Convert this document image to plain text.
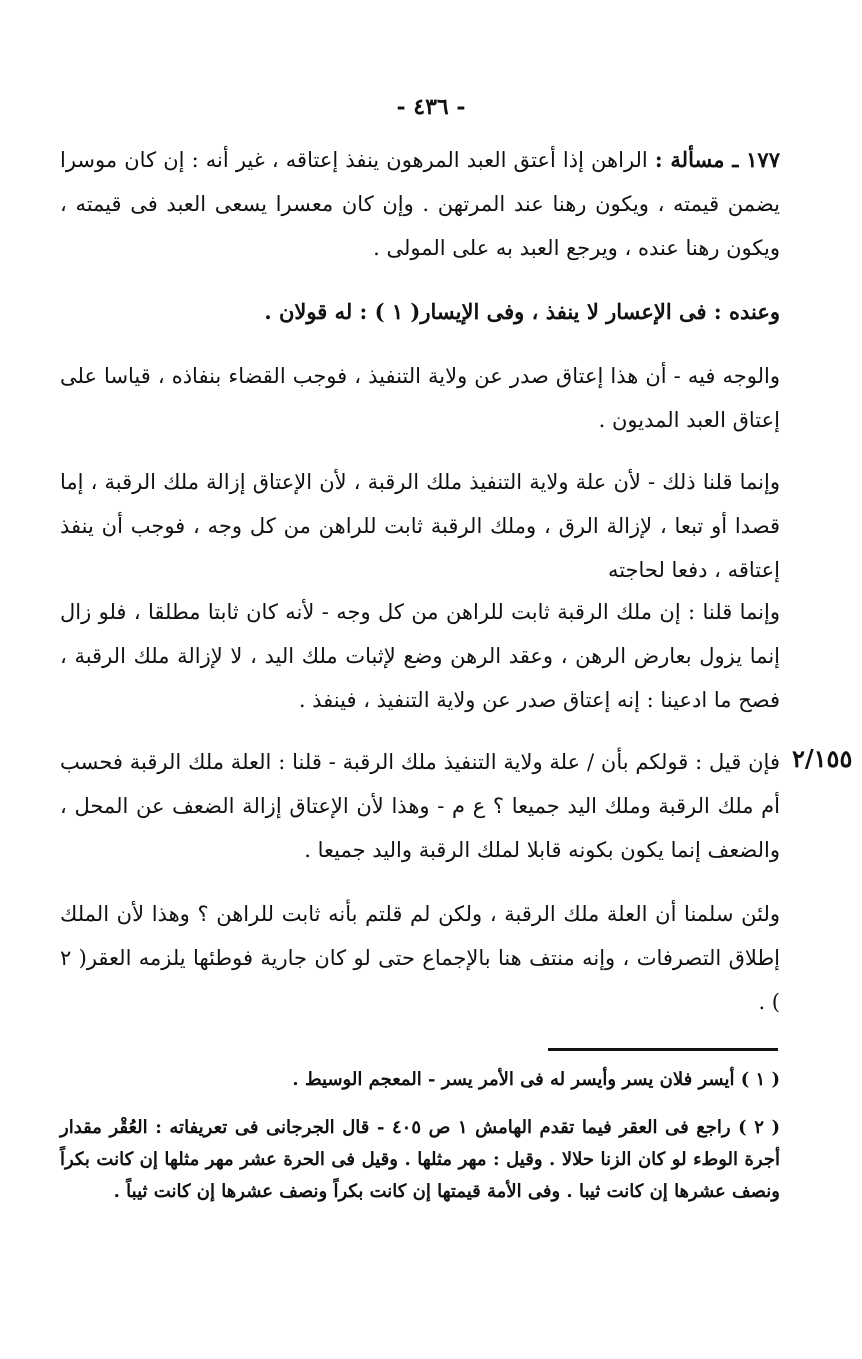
- ٤٣٦ -
٢/١٥٥
١٧٧ ـ مسألة : الراهن إذا أعتق العبد المرهون ينفذ إعتاقه ، غير أنه : إن كان موسرا يضمن قيمته ، ويكون رهنا عند المرتهن . وإن كان معسرا يسعى العبد فى قيمته ، ويكون رهنا عنده ، ويرجع العبد به على المولى .
وعنده : فى الإعسار لا ينفذ ، وفى الإيسار( ١ ) : له قولان .
والوجه فيه - أن هذا إعتاق صدر عن ولاية التنفيذ ، فوجب القضاء بنفاذه ، قياسا على إعتاق العبد المديون .
وإنما قلنا ذلك - لأن علة ولاية التنفيذ ملك الرقبة ، لأن الإعتاق إزالة ملك الرقبة ، إما قصدا أو تبعا ، لإزالة الرق ، وملك الرقبة ثابت للراهن من كل وجه ، فوجب أن ينفذ إعتاقه ، دفعا لحاجته
وإنما قلنا : إن ملك الرقبة ثابت للراهن من كل وجه - لأنه كان ثابتا مطلقا ، فلو زال إنما يزول بعارض الرهن ، وعقد الرهن وضع لإثبات ملك اليد ، لا لإزالة ملك الرقبة ، فصح ما ادعينا : إنه إعتاق صدر عن ولاية التنفيذ ، فينفذ .
فإن قيل : قولكم بأن / علة ولاية التنفيذ ملك الرقبة - قلنا : العلة ملك الرقبة فحسب أم ملك الرقبة وملك اليد جميعا ؟ ع م - وهذا لأن الإعتاق إزالة الضعف عن المحل ، والضعف إنما يكون بكونه قابلا لملك الرقبة واليد جميعا .
ولئن سلمنا أن العلة ملك الرقبة ، ولكن لم قلتم بأنه ثابت للراهن ؟ وهذا لأن الملك إطلاق التصرفات ، وإنه منتف هنا بالإجماع حتى لو كان جارية فوطئها يلزمه العقر( ٢ ) .
( ١ ) أيسر فلان يسر وأيسر له فى الأمر يسر - المعجم الوسيط .
( ٢ ) راجع فى العقر فيما تقدم الهامش ١ ص ٤٠٥ - قال الجرجانى فى تعريفاته : العُقْر مقدار أجرة الوطء لو كان الزنا حلالا . وقيل : مهر مثلها . وقيل فى الحرة عشر مهر مثلها إن كانت بكراً ونصف عشرها إن كانت ثيبا . وفى الأمة قيمتها إن كانت بكراً ونصف عشرها إن كانت ثيباً .
